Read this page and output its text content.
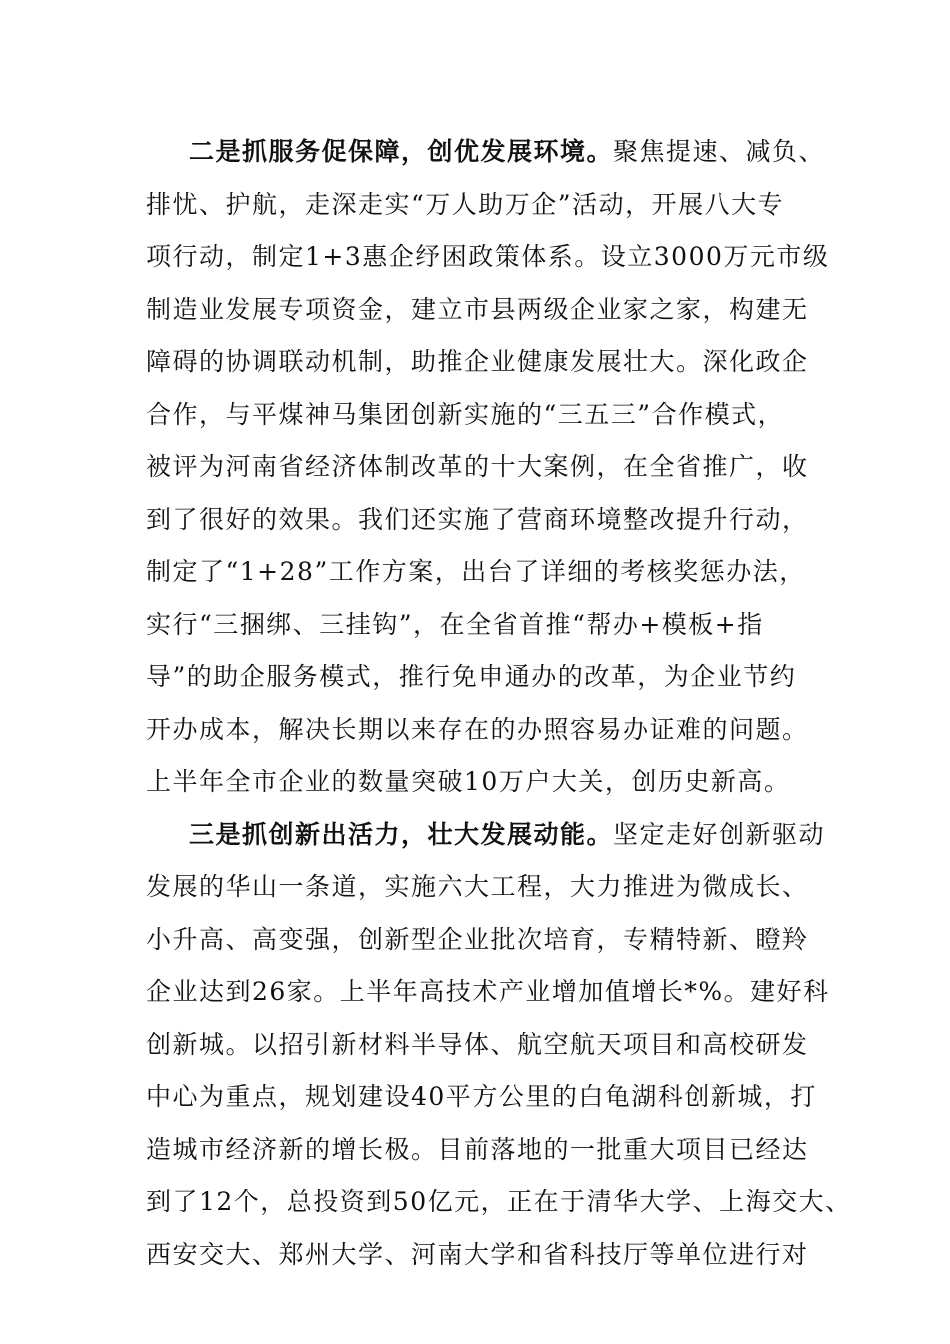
二是抓服务促保障，创优发展环境。聚焦提速、减负、
排忧、护航，走深走实“万人助万企”活动，开展八大专
项行动，制定1+3惠企纾困政策体系。设立3000万元市级
制造业发展专项资金，建立市县两级企业家之家，构建无
障碍的协调联动机制，助推企业健康发展壮大。深化政企
合作，与平煤神马集团创新实施的“三五三”合作模式，
被评为河南省经济体制改革的十大案例，在全省推广，收
到了很好的效果。我们还实施了营商环境整改提升行动，
制定了“1+28”工作方案，出台了详细的考核奖惩办法，
实行“三捆绑、三挂钩”，在全省首推“帮办+模板+指
导”的助企服务模式，推行免申通办的改革，为企业节约
开办成本，解决长期以来存在的办照容易办证难的问题。
上半年全市企业的数量突破10万户大关，创历史新高。
三是抓创新出活力，壮大发展动能。坚定走好创新驱动
发展的华山一条道，实施六大工程，大力推进为微成长、
小升高、高变强，创新型企业批次培育，专精特新、瞪羚
企业达到26家。上半年高技术产业增加值增长*%。建好科
创新城。以招引新材料半导体、航空航天项目和高校研发
中心为重点，规划建设40平方公里的白龟湖科创新城，打
造城市经济新的增长极。目前落地的一批重大项目已经达
到了12个，总投资到50亿元，正在于清华大学、上海交大、
西安交大、郑州大学、河南大学和省科技厅等单位进行对
